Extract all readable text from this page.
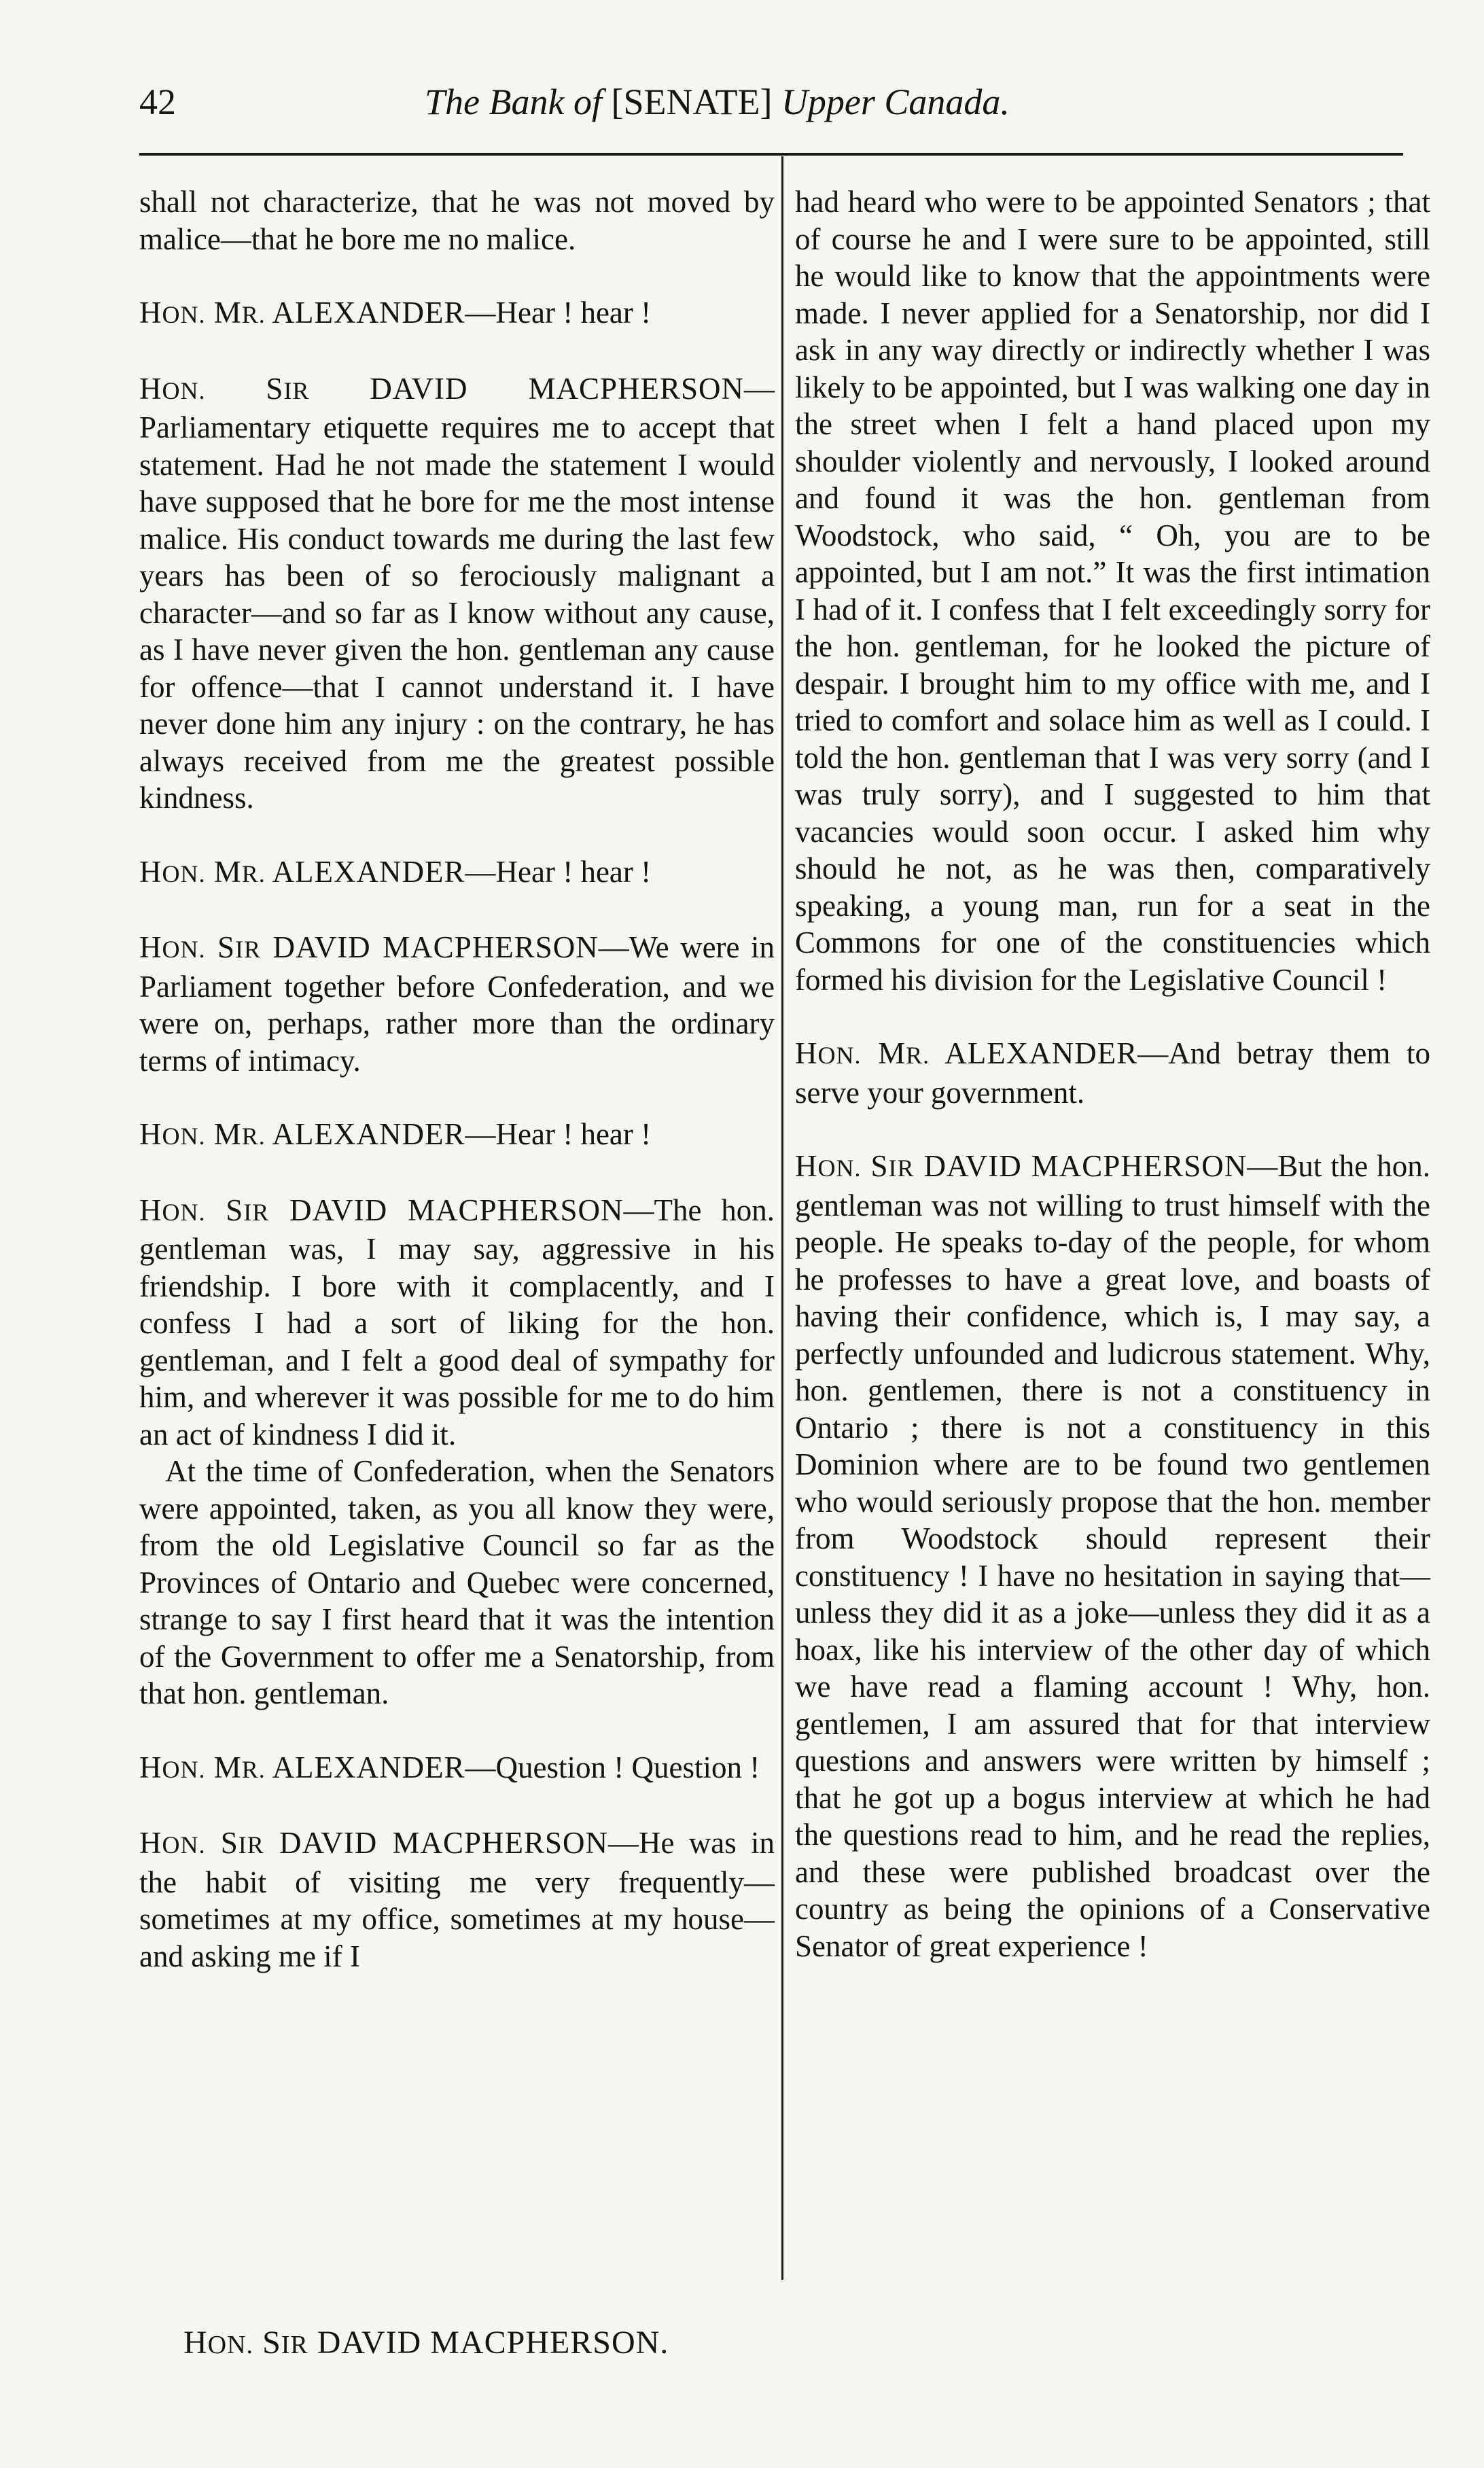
42	The Bank of [SENATE] Upper Canada.

shall not characterize, that he was not moved by malice—that he bore me no malice.

HON. MR. ALEXANDER—Hear ! hear !

HON. SIR DAVID MACPHERSON—Parliamentary etiquette requires me to accept that statement. Had he not made the statement I would have supposed that he bore for me the most intense malice. His conduct towards me during the last few years has been of so ferociously malignant a character—and so far as I know without any cause, as I have never given the hon. gentleman any cause for offence—that I cannot understand it. I have never done him any injury : on the contrary, he has always received from me the greatest possible kindness.

HON. MR. ALEXANDER—Hear ! hear !

HON. SIR DAVID MACPHERSON—We were in Parliament together before Confederation, and we were on, perhaps, rather more than the ordinary terms of intimacy.

HON. MR. ALEXANDER—Hear ! hear !

HON. SIR DAVID MACPHERSON—The hon. gentleman was, I may say, aggressive in his friendship. I bore with it complacently, and I confess I had a sort of liking for the hon. gentleman, and I felt a good deal of sympathy for him, and wherever it was possible for me to do him an act of kindness I did it.

At the time of Confederation, when the Senators were appointed, taken, as you all know they were, from the old Legislative Council so far as the Provinces of Ontario and Quebec were concerned, strange to say I first heard that it was the intention of the Government to offer me a Senatorship, from that hon. gentleman.

HON. MR. ALEXANDER—Question ! Question !

HON. SIR DAVID MACPHERSON—He was in the habit of visiting me very frequently—sometimes at my office, sometimes at my house—and asking me if I

had heard who were to be appointed Senators ; that of course he and I were sure to be appointed, still he would like to know that the appointments were made. I never applied for a Senatorship, nor did I ask in any way directly or indirectly whether I was likely to be appointed, but I was walking one day in the street when I felt a hand placed upon my shoulder violently and nervously, I looked around and found it was the hon. gentleman from Woodstock, who said, “ Oh, you are to be appointed, but I am not.” It was the first intimation I had of it. I confess that I felt exceedingly sorry for the hon. gentleman, for he looked the picture of despair. I brought him to my office with me, and I tried to comfort and solace him as well as I could. I told the hon. gentleman that I was very sorry (and I was truly sorry), and I suggested to him that vacancies would soon occur. I asked him why should he not, as he was then, comparatively speaking, a young man, run for a seat in the Commons for one of the constituencies which formed his division for the Legislative Council !

HON. MR. ALEXANDER—And betray them to serve your government.

HON. SIR DAVID MACPHERSON—But the hon. gentleman was not willing to trust himself with the people. He speaks to-day of the people, for whom he professes to have a great love, and boasts of having their confidence, which is, I may say, a perfectly unfounded and ludicrous statement. Why, hon. gentlemen, there is not a constituency in Ontario ; there is not a constituency in this Dominion where are to be found two gentlemen who would seriously propose that the hon. member from Woodstock should represent their constituency ! I have no hesitation in saying that—unless they did it as a joke—unless they did it as a hoax, like his interview of the other day of which we have read a flaming account ! Why, hon. gentlemen, I am assured that for that interview questions and answers were written by himself ; that he got up a bogus interview at which he had the questions read to him, and he read the replies, and these were published broadcast over the country as being the opinions of a Conservative Senator of great experience !

HON. SIR DAVID MACPHERSON.
